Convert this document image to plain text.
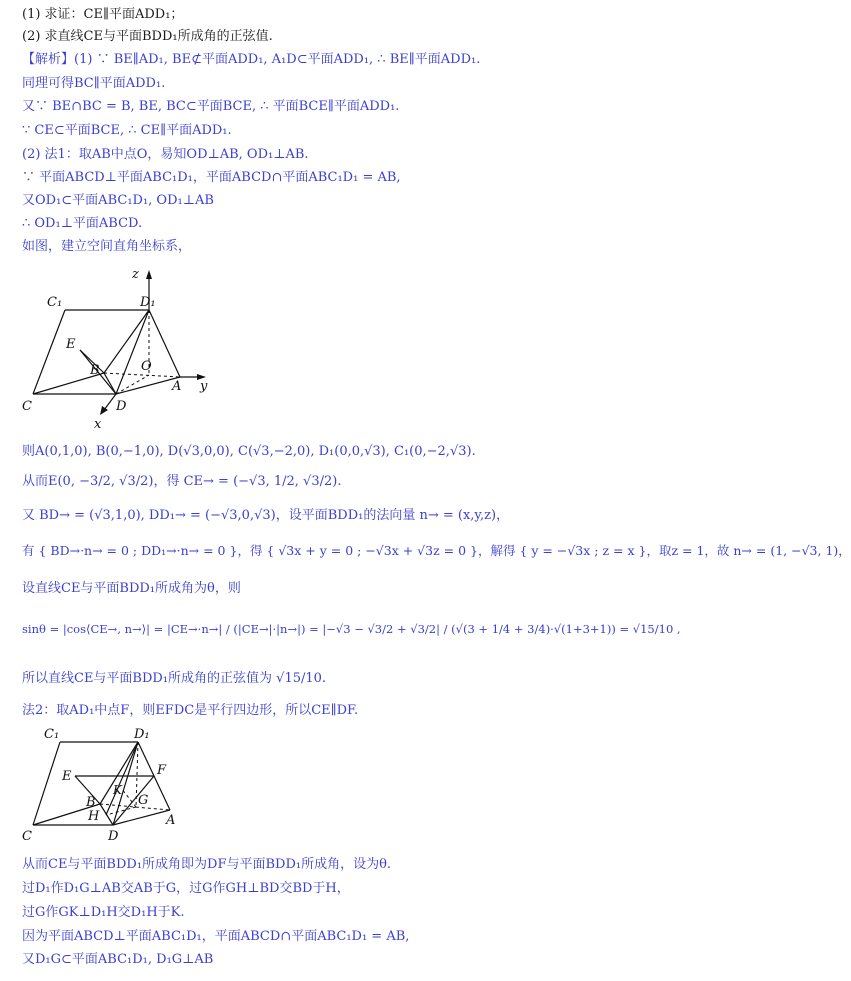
(1) 求证：CE∥平面ADD₁；
(2) 求直线CE与平面BDD₁所成角的正弦值.
【解析】(1) ∵ BE∥AD₁, BE⊄平面ADD₁, A₁D⊂平面ADD₁, ∴ BE∥平面ADD₁.
同理可得BC∥平面ADD₁.
又∵ BE∩BC = B, BE, BC⊂平面BCE, ∴ 平面BCE∥平面ADD₁.
∵ CE⊂平面BCE, ∴ CE∥平面ADD₁.
(2) 法1：取AB中点O，易知OD⊥AB, OD₁⊥AB.
∵ 平面ABCD⊥平面ABC₁D₁，平面ABCD∩平面ABC₁D₁ = AB,
又OD₁⊂平面ABC₁D₁, OD₁⊥AB
∴ OD₁⊥平面ABCD.
如图，建立空间直角坐标系，
z
C₁	D₁
E
B	O
A y
C	D
x
则A(0,1,0), B(0,−1,0), D(√3,0,0), C(√3,−2,0), D₁(0,0,√3), C₁(0,−2,√3).
从而E(0, −3/2, √3/2)，得 CE→ = (−√3, 1/2, √3/2).
又 BD→ = (√3,1,0), DD₁→ = (−√3,0,√3)，设平面BDD₁的法向量 n→ = (x,y,z)，
有 { BD→·n→ = 0 ; DD₁→·n→ = 0 }，得 { √3x + y = 0 ; −√3x + √3z = 0 }，解得 { y = −√3x ; z = x }，取z = 1，故 n→ = (1, −√3, 1)，
设直线CE与平面BDD₁所成角为θ，则
sinθ = |cos⟨CE→, n→⟩| = |CE→·n→| / (|CE→|·|n→|) = |−√3 − √3/2 + √3/2| / (√(3 + 1/4 + 3/4)·√(1+3+1)) = √15/10 ,
所以直线CE与平面BDD₁所成角的正弦值为 √15/10.
法2：取AD₁中点F，则EFDC是平行四边形，所以CE∥DF.
C₁	D₁
E	F
K
G
B
H
C	D
A
从而CE与平面BDD₁所成角即为DF与平面BDD₁所成角，设为θ.
过D₁作D₁G⊥AB交AB于G，过G作GH⊥BD交BD于H，
过G作GK⊥D₁H交D₁H于K.
因为平面ABCD⊥平面ABC₁D₁，平面ABCD∩平面ABC₁D₁ = AB,
又D₁G⊂平面ABC₁D₁, D₁G⊥AB
